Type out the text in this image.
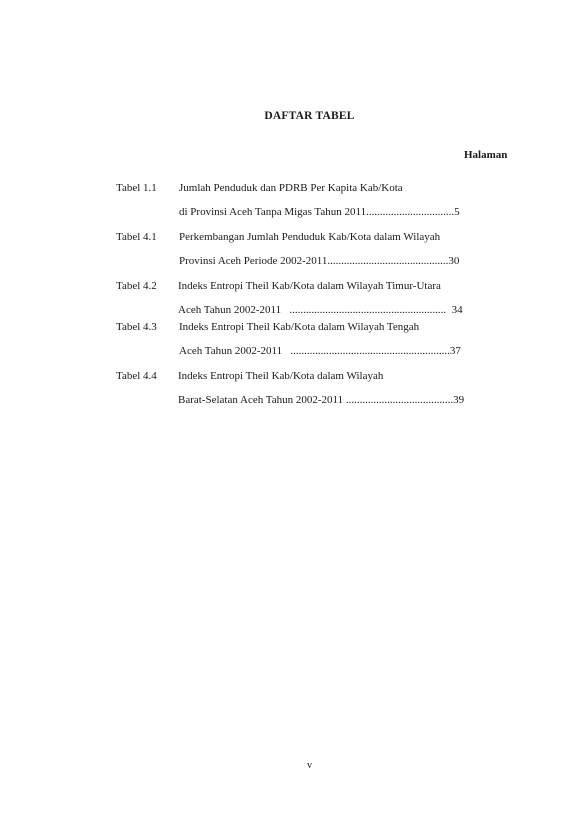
DAFTAR TABEL
Halaman
Tabel 1.1 Jumlah Penduduk dan PDRB Per Kapita Kab/Kota
di Provinsi Aceh Tanpa Migas Tahun 2011................................5
Tabel 4.1 Perkembangan Jumlah Penduduk Kab/Kota dalam Wilayah
Provinsi Aceh Periode 2002-2011............................................30
Tabel 4.2 Indeks Entropi Theil Kab/Kota dalam Wilayah Timur-Utara
Aceh Tahun 2002-2011   .........................................................  34
Tabel 4.3 Indeks Entropi Theil Kab/Kota dalam Wilayah Tengah
Aceh Tahun 2002-2011   ..........................................................37
Tabel 4.4 Indeks Entropi Theil Kab/Kota dalam Wilayah
Barat-Selatan Aceh Tahun 2002-2011 .......................................39
v
